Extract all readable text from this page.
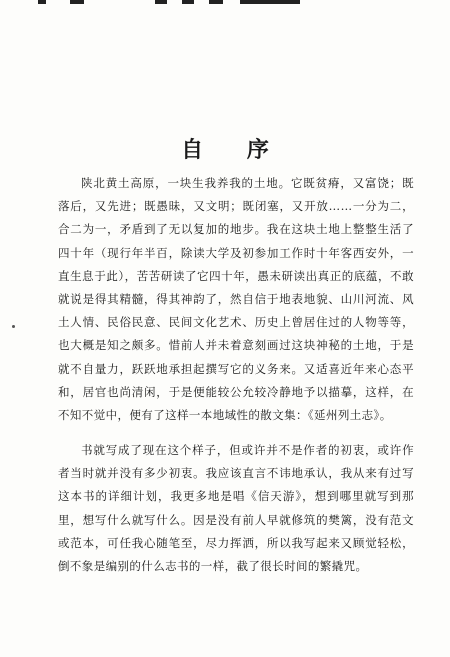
自 序

陕北黄土高原，一块生我养我的土地。它既贫瘠，又富饶；既落后，又先进；既愚昧，又文明；既闭塞，又开放……一分为二，合二为一，矛盾到了无以复加的地步。我在这块土地上整整生活了四十年（现行年半百，除读大学及初参加工作时十年客西安外，一直生息于此），苦苦研读了它四十年，愚未研读出真正的底蕴，不敢就说是得其精髓，得其神韵了，然自信于地表地貌、山川河流、风土人情、民俗民意、民间文化艺术、历史上曾居住过的人物等等，也大概是知之颇多。惜前人并未着意刻画过这块神秘的土地，于是就不自量力，跃跃地承担起撰写它的义务来。又适喜近年来心态平和，居官也尚清闲，于是便能较公允较冷静地予以描摹，这样，在不知不觉中，便有了这样一本地域性的散文集：《延州列土志》。

书就写成了现在这个样子，但或许并不是作者的初衷，或许作者当时就并没有多少初衷。我应该直言不讳地承认，我从来有过写这本书的详细计划，我更多地是唱《信天游》，想到哪里就写到那里，想写什么就写什么。因是没有前人早就修筑的樊篱，没有范文或范本，可任我心随笔至，尽力挥洒，所以我写起来又顾觉轻松，倒不象是编别的什么志书的一样，截了很长时间的繁撬咒。
